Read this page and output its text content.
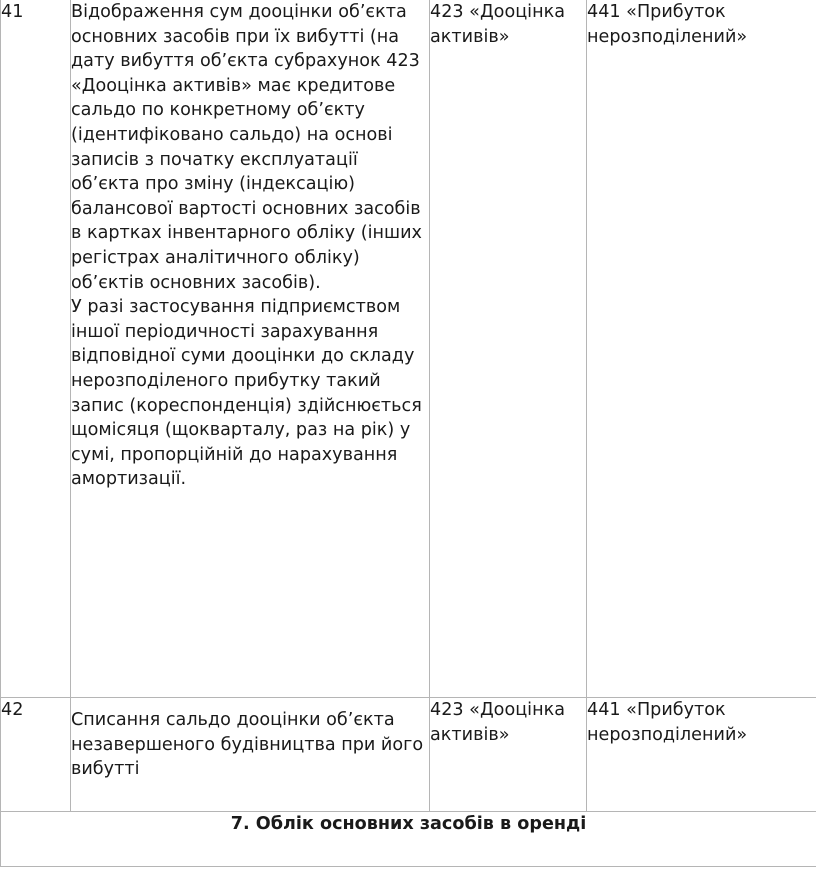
41	Відображення сум дооцінки об’єкта основних засобів при їх вибутті (на дату вибуття об’єкта субрахунок 423 «Дооцінка активів» має кредитове сальдо по конкретному об’єкту (ідентифіковано сальдо) на основі записів з початку експлуатації об’єкта про зміну (індексацію) балансової вартості основних засобів в картках інвентарного обліку (інших регістрах аналітичного обліку) об’єктів основних засобів).
У разі застосування підприємством іншої періодичності зарахування відповідної суми дооцінки до складу нерозподіленого прибутку такий запис (кореспонденція) здійснюється щомісяця (щокварталу, раз на рік) у сумі, пропорційній до нарахування амортизації.	423 «Дооцінка активів»	441 «Прибуток нерозподілений»
42	Списання сальдо дооцінки об’єкта незавершеного будівництва при його вибутті	423 «Дооцінка активів»	441 «Прибуток нерозподілений»
7. Облік основних засобів в оренді			
